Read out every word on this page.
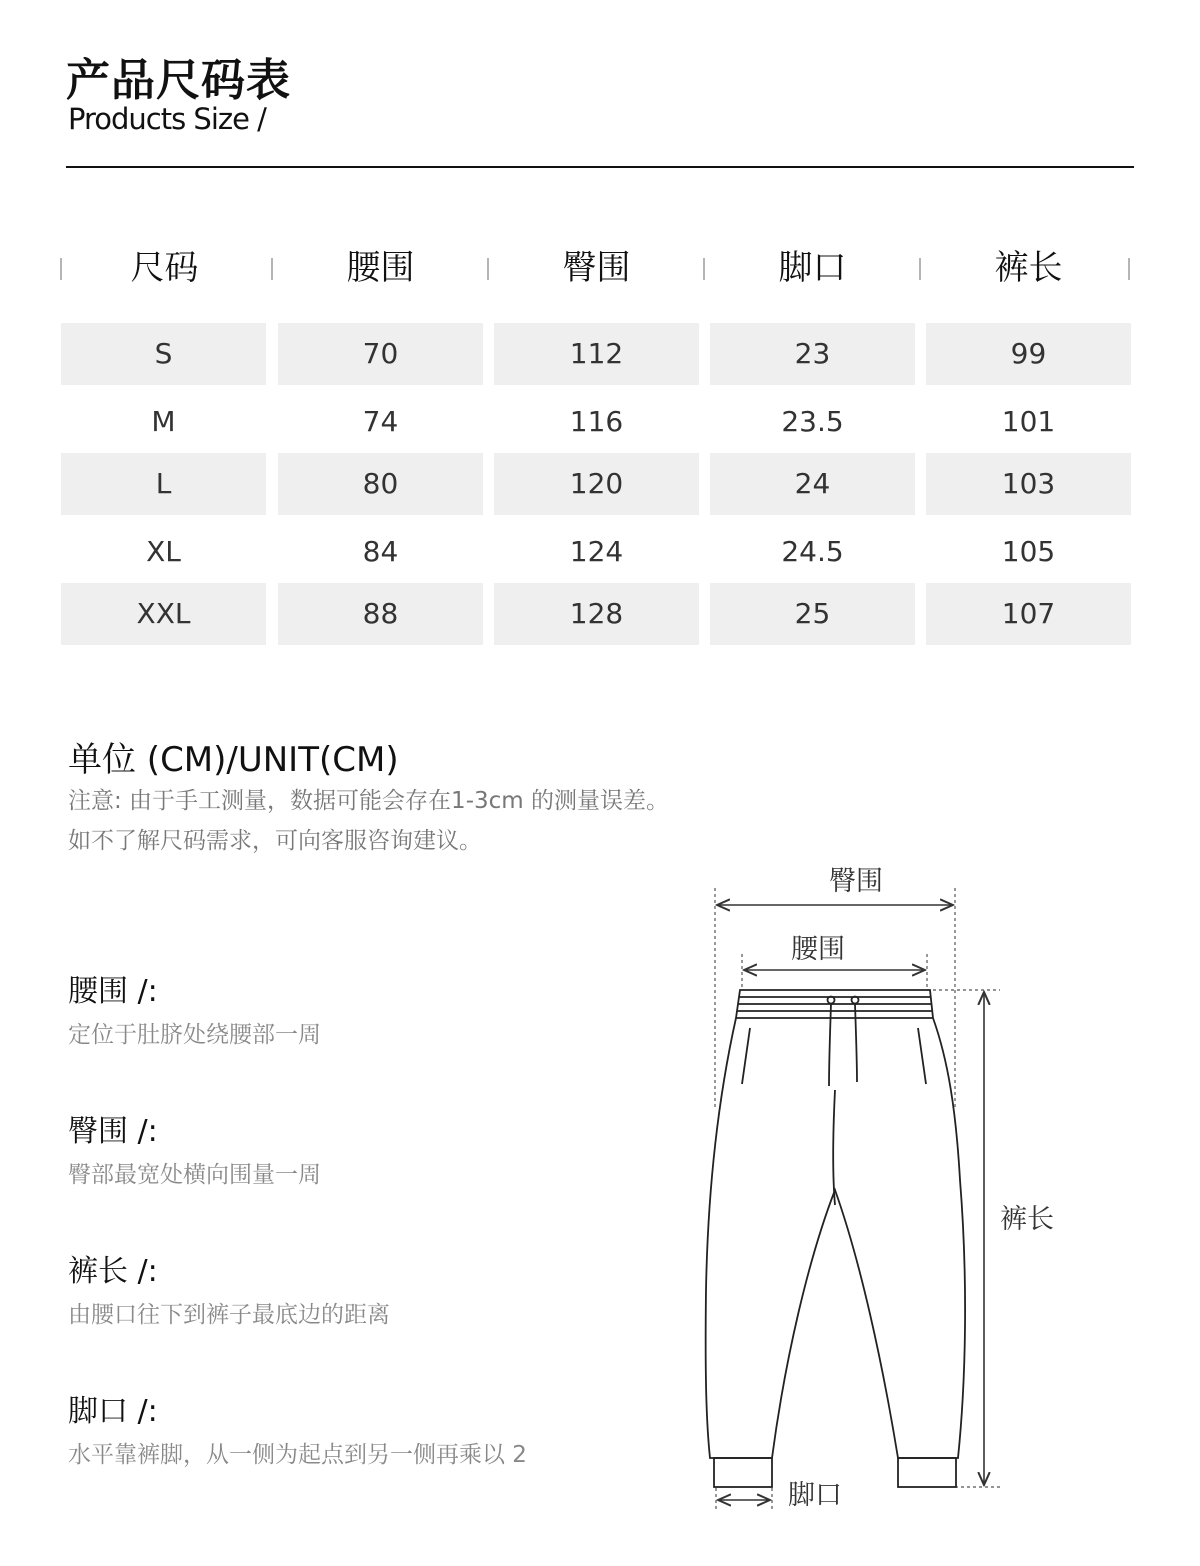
产品尺码表
Products Size /
尺码	腰围	臀围	脚口	裤长
S	70	112	23	99
M	74	116	23.5	101
L	80	120	24	103
XL	84	124	24.5	105
XXL	88	128	25	107
单位 (CM)/UNIT(CM)
注意: 由于手工测量，数据可能会存在1-3cm 的测量误差。
如不了解尺码需求，可向客服咨询建议。
腰围 /:
定位于肚脐处绕腰部一周
臀围 /:
臀部最宽处横向围量一周
裤长 /:
由腰口往下到裤子最底边的距离
脚口 /:
水平靠裤脚，从一侧为起点到另一侧再乘以 2
臀围
腰围
裤长
脚口
